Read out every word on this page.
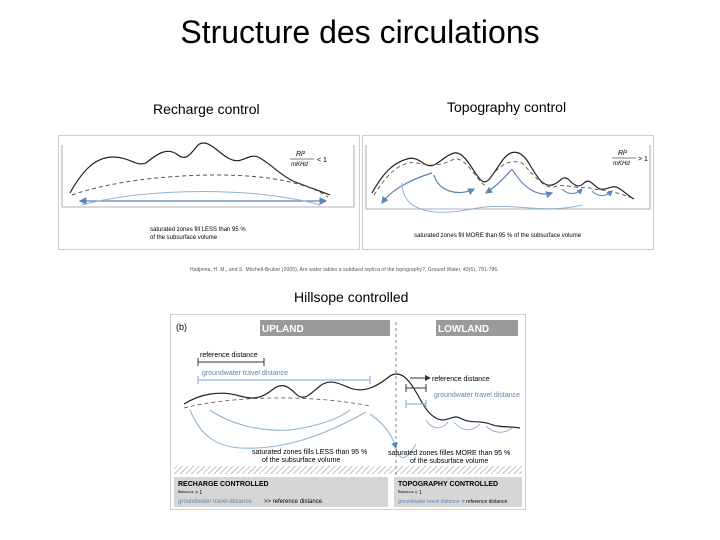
Structure des circulations
Recharge control	Topography control
Rl²
mKHd
< 1
saturated zones fill LESS than 95 %
of the subsurface volume
Rl²
mKHd
> 1
saturated zones fill MORE than 95 % of the subsurface volume
Haitjema, H. M., and S. Mitchell-Bruker (2005), Are water tables a subdued replica of the topography?, Ground Water, 43(6), 781-786.
Hillsope controlled
(b)	UPLAND	LOWLAND
reference distance
groundwater travel distance
reference distance
groundwater travel distance
saturated zones fills LESS than 95 %
of the subsurface volume
saturated zones filles MORE than 95 %
of the subsurface volume
RECHARGE CONTROLLED
ᴿᵉᶠᵉʳᵉⁿᶜᵉ > 1
groundwater travel distance >> reference distance
TOPOGRAPHY CONTROLLED
ᴿᵉᶠᵉʳᵉⁿᶜᵉ ≈ 1
groundwater travel distance ≈ reference distance
